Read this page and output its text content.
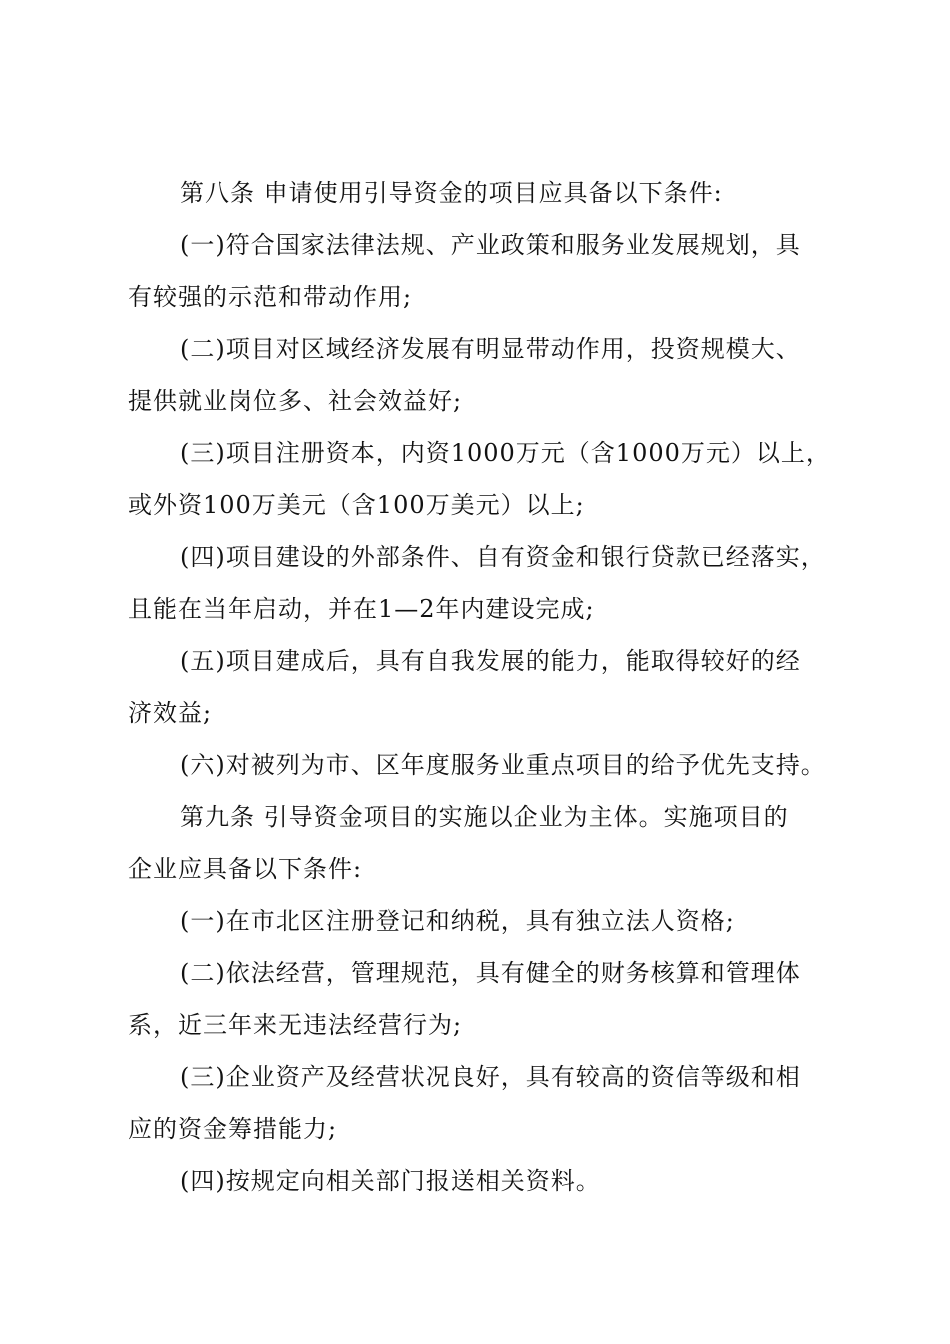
第八条 申请使用引导资金的项目应具备以下条件:
(一)符合国家法律法规、产业政策和服务业发展规划，具
有较强的示范和带动作用;
(二)项目对区域经济发展有明显带动作用，投资规模大、
提供就业岗位多、社会效益好;
(三)项目注册资本，内资1000万元（含1000万元）以上，
或外资100万美元（含100万美元）以上;
(四)项目建设的外部条件、自有资金和银行贷款已经落实，
且能在当年启动，并在1—2年内建设完成;
(五)项目建成后，具有自我发展的能力，能取得较好的经
济效益;
(六)对被列为市、区年度服务业重点项目的给予优先支持。
第九条 引导资金项目的实施以企业为主体。实施项目的
企业应具备以下条件:
(一)在市北区注册登记和纳税，具有独立法人资格;
(二)依法经营，管理规范，具有健全的财务核算和管理体
系，近三年来无违法经营行为;
(三)企业资产及经营状况良好，具有较高的资信等级和相
应的资金筹措能力;
(四)按规定向相关部门报送相关资料。
